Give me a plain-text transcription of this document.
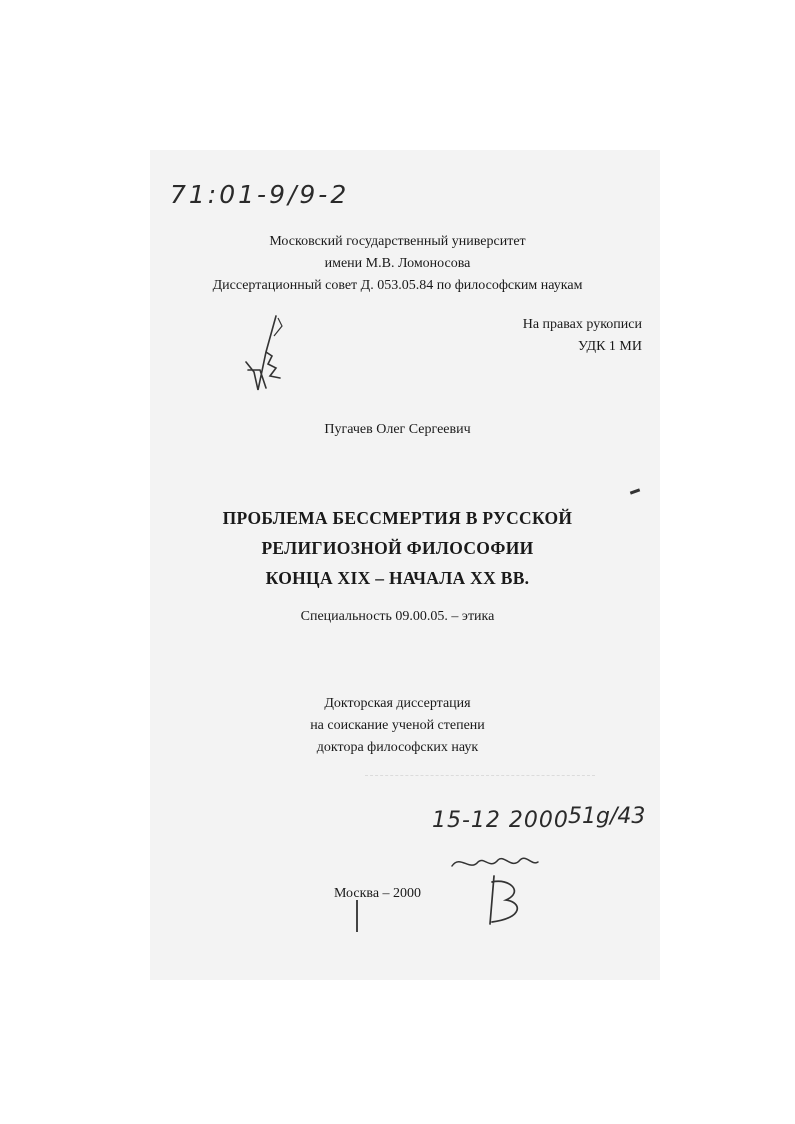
71:01-9/9-2
Московский государственный университет
имени М.В. Ломоносова
Диссертационный совет Д. 053.05.84 по философским наукам
На правах рукописи
УДК 1 МИ
Пугачев Олег Сергеевич
ПРОБЛЕМА БЕССМЕРТИЯ В РУССКОЙ
РЕЛИГИОЗНОЙ ФИЛОСОФИИ
КОНЦА XIX – НАЧАЛА XX ВВ.
Специальность 09.00.05. – этика
Докторская диссертация
на соискание ученой степени
доктора философских наук
15-12 2000 51g/43
Москва – 2000
